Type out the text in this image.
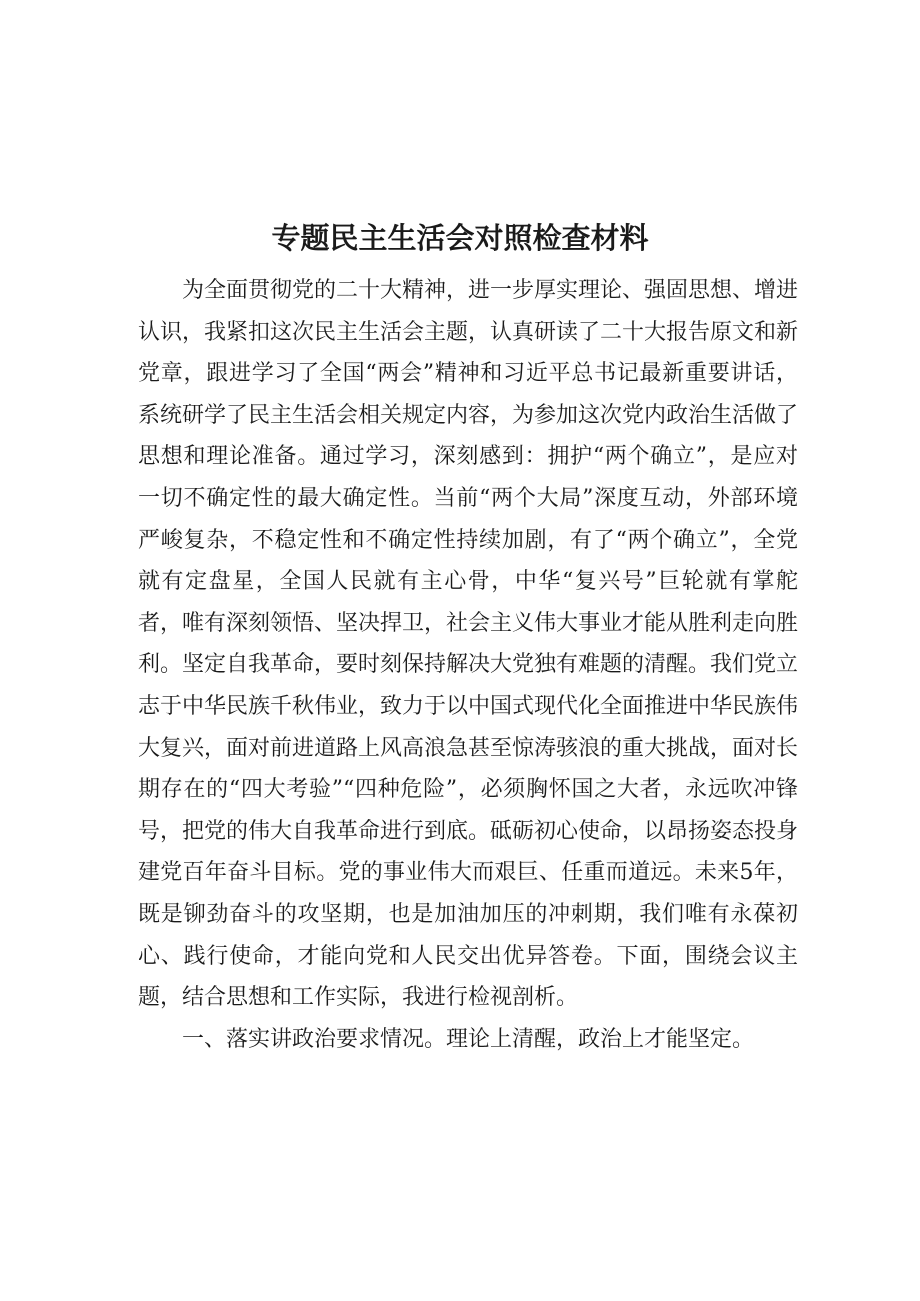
专题民主生活会对照检查材料

为全面贯彻党的二十大精神，进一步厚实理论、强固思想、增进认识，我紧扣这次民主生活会主题，认真研读了二十大报告原文和新党章，跟进学习了全国“两会”精神和习近平总书记最新重要讲话，系统研学了民主生活会相关规定内容，为参加这次党内政治生活做了思想和理论准备。通过学习，深刻感到：拥护“两个确立”，是应对一切不确定性的最大确定性。当前“两个大局”深度互动，外部环境严峻复杂，不稳定性和不确定性持续加剧，有了“两个确立”，全党就有定盘星，全国人民就有主心骨，中华“复兴号”巨轮就有掌舵者，唯有深刻领悟、坚决捍卫，社会主义伟大事业才能从胜利走向胜利。坚定自我革命，要时刻保持解决大党独有难题的清醒。我们党立志于中华民族千秋伟业，致力于以中国式现代化全面推进中华民族伟大复兴，面对前进道路上风高浪急甚至惊涛骇浪的重大挑战，面对长期存在的“四大考验”“四种危险”，必须胸怀国之大者，永远吹冲锋号，把党的伟大自我革命进行到底。砥砺初心使命，以昂扬姿态投身建党百年奋斗目标。党的事业伟大而艰巨、任重而道远。未来5年，既是铆劲奋斗的攻坚期，也是加油加压的冲刺期，我们唯有永葆初心、践行使命，才能向党和人民交出优异答卷。下面，围绕会议主题，结合思想和工作实际，我进行检视剖析。

一、落实讲政治要求情况。理论上清醒，政治上才能坚定。
